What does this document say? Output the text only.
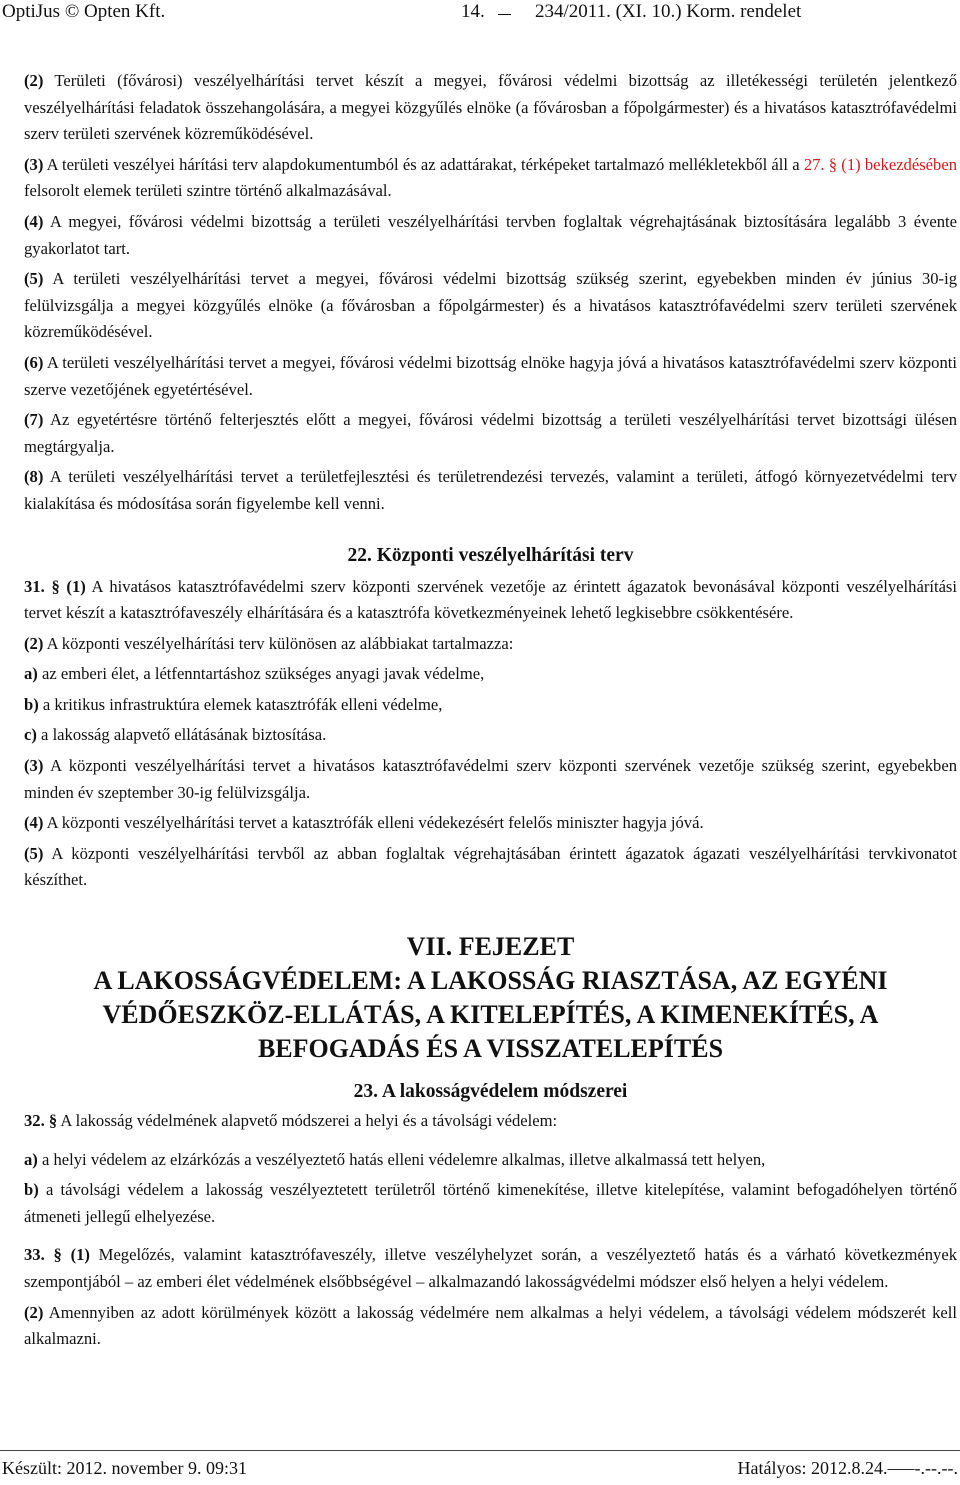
OptiJus © Opten Kft.	14.	234/2011. (XI. 10.) Korm. rendelet

(2) Területi (fővárosi) veszélyelhárítási tervet készít a megyei, fővárosi védelmi bizottság az illetékességi területén jelentkező veszélyelhárítási feladatok összehangolására, a megyei közgyűlés elnöke (a fővárosban a főpolgármester) és a hivatásos katasztrófavédelmi szerv területi szervének közreműködésével.

(3) A területi veszélyei hárítási terv alapdokumentumból és az adattárakat, térképeket tartalmazó mellékletekből áll a 27. § (1) bekezdésében felsorolt elemek területi szintre történő alkalmazásával.

(4) A megyei, fővárosi védelmi bizottság a területi veszélyelhárítási tervben foglaltak végrehajtásának biztosítására legalább 3 évente gyakorlatot tart.

(5) A területi veszélyelhárítási tervet a megyei, fővárosi védelmi bizottság szükség szerint, egyebekben minden év június 30-ig felülvizsgálja a megyei közgyűlés elnöke (a fővárosban a főpolgármester) és a hivatásos katasztrófavédelmi szerv területi szervének közreműködésével.

(6) A területi veszélyelhárítási tervet a megyei, fővárosi védelmi bizottság elnöke hagyja jóvá a hivatásos katasztrófavédelmi szerv központi szerve vezetőjének egyetértésével.

(7) Az egyetértésre történő felterjesztés előtt a megyei, fővárosi védelmi bizottság a területi veszélyelhárítási tervet bizottsági ülésen megtárgyalja.

(8) A területi veszélyelhárítási tervet a területfejlesztési és területrendezési tervezés, valamint a területi, átfogó környezetvédelmi terv kialakítása és módosítása során figyelembe kell venni.

22. Központi veszélyelhárítási terv

31. § (1) A hivatásos katasztrófavédelmi szerv központi szervének vezetője az érintett ágazatok bevonásával központi veszélyelhárítási tervet készít a katasztrófaveszély elhárítására és a katasztrófa következményeinek lehető legkisebbre csökkentésére.

(2) A központi veszélyelhárítási terv különösen az alábbiakat tartalmazza:

a) az emberi élet, a létfenntartáshoz szükséges anyagi javak védelme,

b) a kritikus infrastruktúra elemek katasztrófák elleni védelme,

c) a lakosság alapvető ellátásának biztosítása.

(3) A központi veszélyelhárítási tervet a hivatásos katasztrófavédelmi szerv központi szervének vezetője szükség szerint, egyebekben minden év szeptember 30-ig felülvizsgálja.

(4) A központi veszélyelhárítási tervet a katasztrófák elleni védekezésért felelős miniszter hagyja jóvá.

(5) A központi veszélyelhárítási tervből az abban foglaltak végrehajtásában érintett ágazatok ágazati veszélyelhárítási tervkivonatot készíthet.

VII. FEJEZET
A LAKOSSÁGVÉDELEM: A LAKOSSÁG RIASZTÁSA, AZ EGYÉNI VÉDŐESZKÖZ-ELLÁTÁS, A KITELEPÍTÉS, A KIMENEKÍTÉS, A BEFOGADÁS ÉS A VISSZATELEPÍTÉS
23. A lakosságvédelem módszerei

32. § A lakosság védelmének alapvető módszerei a helyi és a távolsági védelem:

a) a helyi védelem az elzárkózás a veszélyeztető hatás elleni védelemre alkalmas, illetve alkalmassá tett helyen,

b) a távolsági védelem a lakosság veszélyeztetett területről történő kimenekítése, illetve kitelepítése, valamint befogadóhelyen történő átmeneti jellegű elhelyezése.

33. § (1) Megelőzés, valamint katasztrófaveszély, illetve veszélyhelyzet során, a veszélyeztető hatás és a várható következmények szempontjából – az emberi élet védelmének elsőbbségével – alkalmazandó lakosságvédelmi módszer első helyen a helyi védelem.

(2) Amennyiben az adott körülmények között a lakosság védelmére nem alkalmas a helyi védelem, a távolsági védelem módszerét kell alkalmazni.

Készült: 2012. november 9. 09:31	Hatályos: 2012.8.24.–––-.--.--.
